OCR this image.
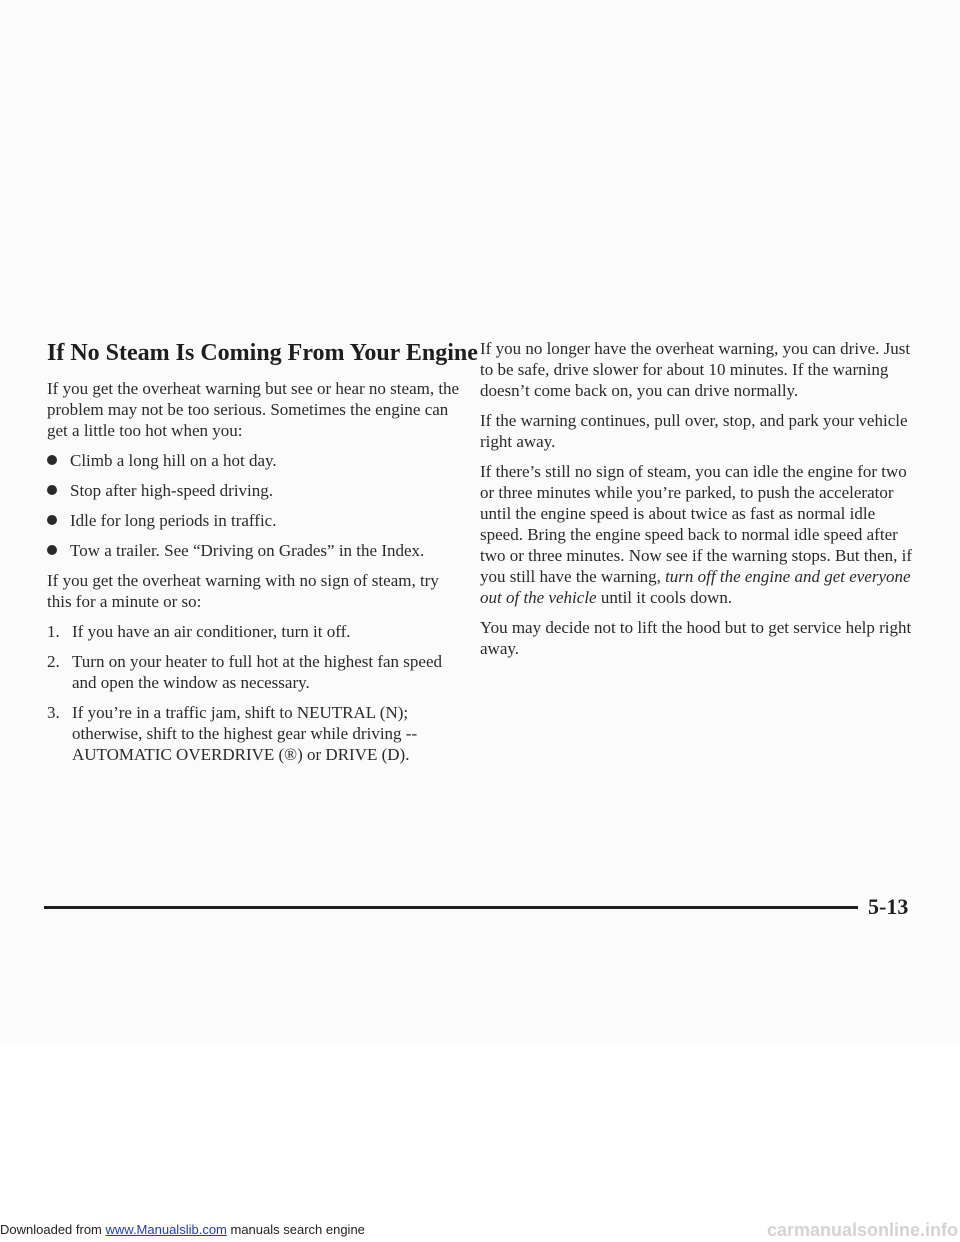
If No Steam Is Coming From Your Engine

If you get the overheat warning but see or hear no steam, the problem may not be too serious. Sometimes the engine can get a little too hot when you:

Climb a long hill on a hot day.
Stop after high-speed driving.
Idle for long periods in traffic.
Tow a trailer. See “Driving on Grades” in the Index.

If you get the overheat warning with no sign of steam, try this for a minute or so:

1. If you have an air conditioner, turn it off.
2. Turn on your heater to full hot at the highest fan speed and open the window as necessary.
3. If you’re in a traffic jam, shift to NEUTRAL (N); otherwise, shift to the highest gear while driving -- AUTOMATIC OVERDRIVE (®) or DRIVE (D).

If you no longer have the overheat warning, you can drive. Just to be safe, drive slower for about 10 minutes. If the warning doesn’t come back on, you can drive normally.

If the warning continues, pull over, stop, and park your vehicle right away.

If there’s still no sign of steam, you can idle the engine for two or three minutes while you’re parked, to push the accelerator until the engine speed is about twice as fast as normal idle speed. Bring the engine speed back to normal idle speed after two or three minutes. Now see if the warning stops. But then, if you still have the warning, turn off the engine and get everyone out of the vehicle until it cools down.

You may decide not to lift the hood but to get service help right away.

5-13
Downloaded from www.Manualslib.com manuals search engine	carmanualsonline.info
